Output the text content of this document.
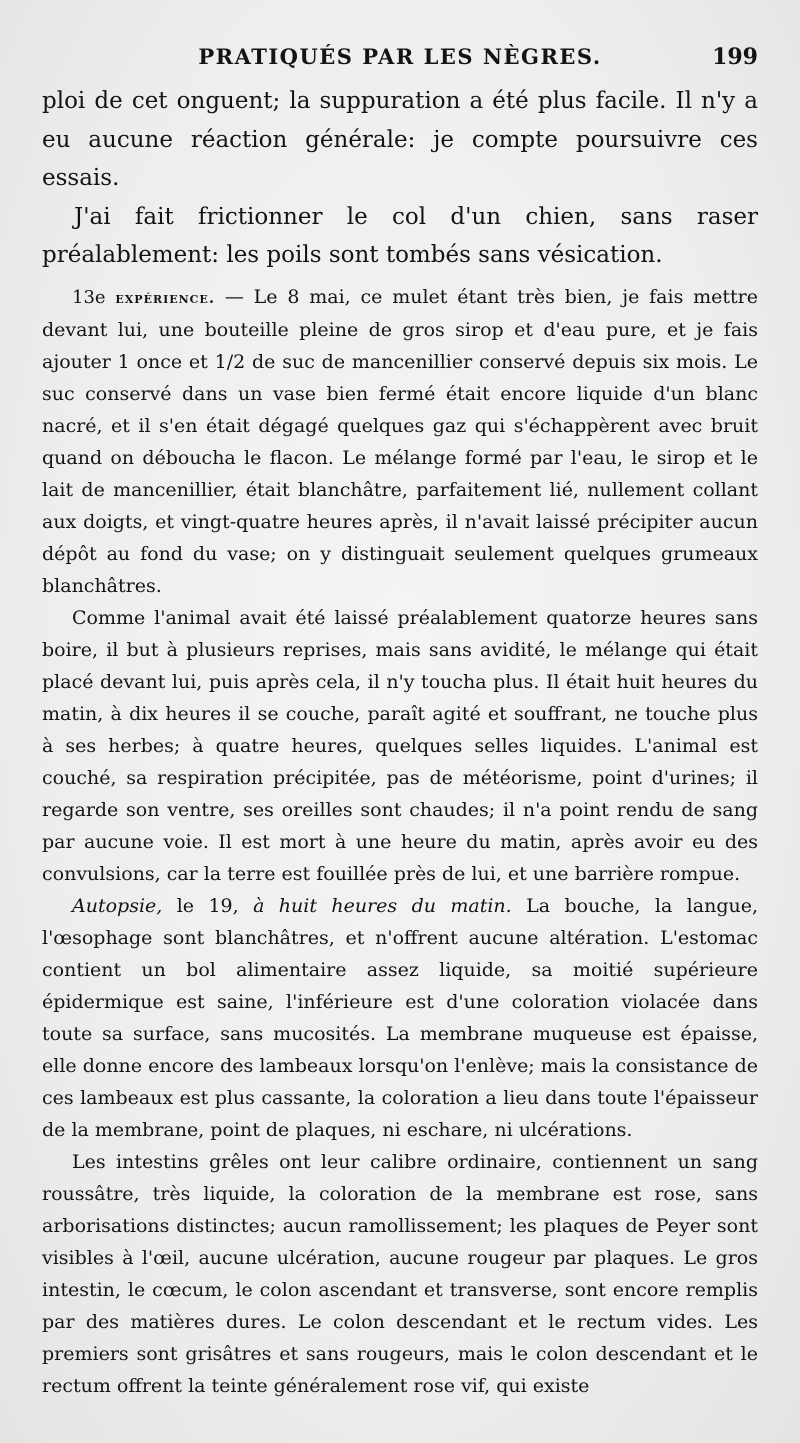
PRATIQUÉS PAR LES NÈGRES.	199

ploi de cet onguent; la suppuration a été plus facile. Il n'y a eu aucune réaction générale: je compte poursuivre ces essais.

J'ai fait frictionner le col d'un chien, sans raser préalablement: les poils sont tombés sans vésication.

13e expérience. — Le 8 mai, ce mulet étant très bien, je fais mettre devant lui, une bouteille pleine de gros sirop et d'eau pure, et je fais ajouter 1 once et 1/2 de suc de mancenillier conservé depuis six mois. Le suc conservé dans un vase bien fermé était encore liquide d'un blanc nacré, et il s'en était dégagé quelques gaz qui s'échappèrent avec bruit quand on déboucha le flacon. Le mélange formé par l'eau, le sirop et le lait de mancenillier, était blanchâtre, parfaitement lié, nullement collant aux doigts, et vingt-quatre heures après, il n'avait laissé précipiter aucun dépôt au fond du vase; on y distinguait seulement quelques grumeaux blanchâtres.

Comme l'animal avait été laissé préalablement quatorze heures sans boire, il but à plusieurs reprises, mais sans avidité, le mélange qui était placé devant lui, puis après cela, il n'y toucha plus. Il était huit heures du matin, à dix heures il se couche, paraît agité et souffrant, ne touche plus à ses herbes; à quatre heures, quelques selles liquides. L'animal est couché, sa respiration précipitée, pas de météorisme, point d'urines; il regarde son ventre, ses oreilles sont chaudes; il n'a point rendu de sang par aucune voie. Il est mort à une heure du matin, après avoir eu des convulsions, car la terre est fouillée près de lui, et une barrière rompue.

Autopsie, le 19, à huit heures du matin. La bouche, la langue, l'œsophage sont blanchâtres, et n'offrent aucune altération. L'estomac contient un bol alimentaire assez liquide, sa moitié supérieure épidermique est saine, l'inférieure est d'une coloration violacée dans toute sa surface, sans mucosités. La membrane muqueuse est épaisse, elle donne encore des lambeaux lorsqu'on l'enlève; mais la consistance de ces lambeaux est plus cassante, la coloration a lieu dans toute l'épaisseur de la membrane, point de plaques, ni eschare, ni ulcérations.

Les intestins grêles ont leur calibre ordinaire, contiennent un sang roussâtre, très liquide, la coloration de la membrane est rose, sans arborisations distinctes; aucun ramollissement; les plaques de Peyer sont visibles à l'œil, aucune ulcération, aucune rougeur par plaques. Le gros intestin, le cœcum, le colon ascendant et transverse, sont encore remplis par des matières dures. Le colon descendant et le rectum vides. Les premiers sont grisâtres et sans rougeurs, mais le colon descendant et le rectum offrent la teinte généralement rose vif, qui existe
